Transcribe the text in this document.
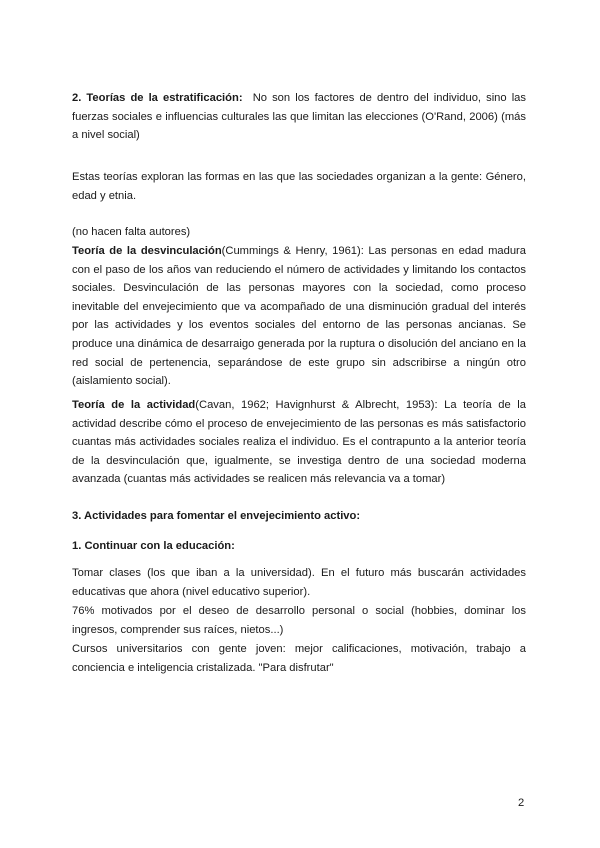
2. Teorías de la estratificación: No son los factores de dentro del individuo, sino las fuerzas sociales e influencias culturales las que limitan las elecciones (O'Rand, 2006) (más a nivel social)

Estas teorías exploran las formas en las que las sociedades organizan a la gente: Género, edad y etnia.

(no hacen falta autores)

Teoría de la desvinculación(Cummings & Henry, 1961): Las personas en edad madura con el paso de los años van reduciendo el número de actividades y limitando los contactos sociales. Desvinculación de las personas mayores con la sociedad, como proceso inevitable del envejecimiento que va acompañado de una disminución gradual del interés por las actividades y los eventos sociales del entorno de las personas ancianas. Se produce una dinámica de desarraigo generada por la ruptura o disolución del anciano en la red social de pertenencia, separándose de este grupo sin adscribirse a ningún otro (aislamiento social).

Teoría de la actividad(Cavan, 1962; Havignhurst & Albrecht, 1953): La teoría de la actividad describe cómo el proceso de envejecimiento de las personas es más satisfactorio cuantas más actividades sociales realiza el individuo. Es el contrapunto a la anterior teoría de la desvinculación que, igualmente, se investiga dentro de una sociedad moderna avanzada (cuantas más actividades se realicen más relevancia va a tomar)

3. Actividades para fomentar el envejecimiento activo:

1. Continuar con la educación:

Tomar clases (los que iban a la universidad). En el futuro más buscarán actividades educativas que ahora (nivel educativo superior).

76% motivados por el deseo de desarrollo personal o social (hobbies, dominar los ingresos, comprender sus raíces, nietos...)

Cursos universitarios con gente joven: mejor calificaciones, motivación, trabajo a conciencia e inteligencia cristalizada. "Para disfrutar"

2
